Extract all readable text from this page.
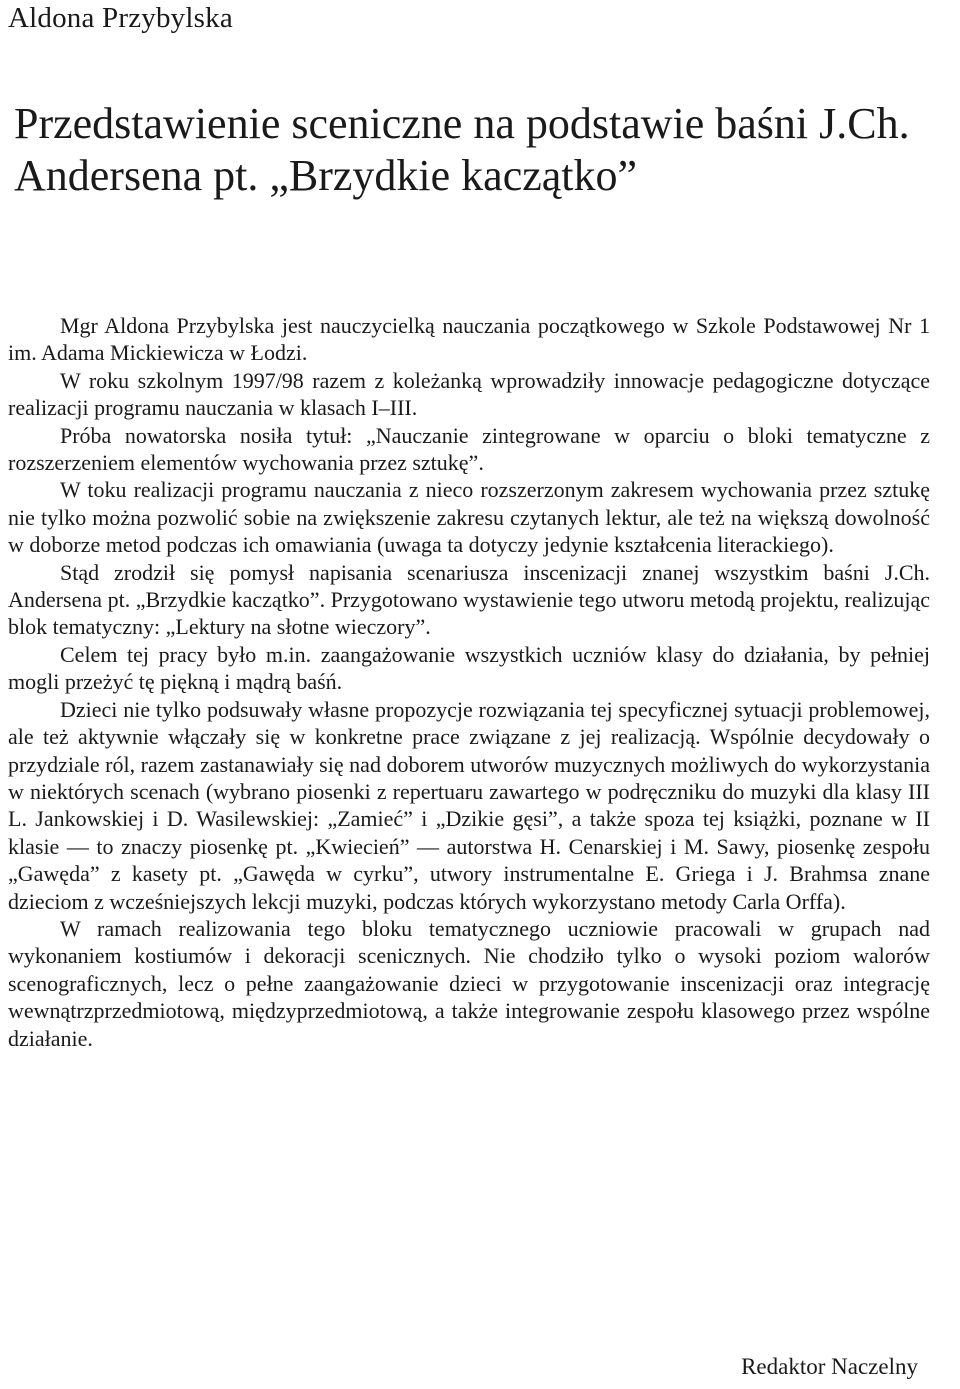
Aldona Przybylska
Przedstawienie sceniczne na podstawie baśni J.Ch. Andersena pt. „Brzydkie kaczątko”

Mgr Aldona Przybylska jest nauczycielką nauczania początkowego w Szkole Podstawowej Nr 1 im. Adama Mickiewicza w Łodzi.

W roku szkolnym 1997/98 razem z koleżanką wprowadziły innowacje pedagogiczne dotyczące realizacji programu nauczania w klasach I–III.

Próba nowatorska nosiła tytuł: „Nauczanie zintegrowane w oparciu o bloki tematyczne z rozszerzeniem elementów wychowania przez sztukę”.

W toku realizacji programu nauczania z nieco rozszerzonym zakresem wychowania przez sztukę nie tylko można pozwolić sobie na zwiększenie zakresu czytanych lektur, ale też na większą dowolność w doborze metod podczas ich omawiania (uwaga ta dotyczy jedynie kształcenia literackiego).

Stąd zrodził się pomysł napisania scenariusza inscenizacji znanej wszystkim baśni J.Ch. Andersena pt. „Brzydkie kaczątko”. Przygotowano wystawienie tego utworu metodą projektu, realizując blok tematyczny: „Lektury na słotne wieczory”.

Celem tej pracy było m.in. zaangażowanie wszystkich uczniów klasy do działania, by pełniej mogli przeżyć tę piękną i mądrą baśń.

Dzieci nie tylko podsuwały własne propozycje rozwiązania tej specyficznej sytuacji problemowej, ale też aktywnie włączały się w konkretne prace związane z jej realizacją. Wspólnie decydowały o przydziale ról, razem zastanawiały się nad doborem utworów muzycznych możliwych do wykorzystania w niektórych scenach (wybrano piosenki z repertuaru zawartego w podręczniku do muzyki dla klasy III L. Jankowskiej i D. Wasilewskiej: „Zamieć” i „Dzikie gęsi”, a także spoza tej książki, poznane w II klasie — to znaczy piosenkę pt. „Kwiecień” — autorstwa H. Cenarskiej i M. Sawy, piosenkę zespołu „Gawęda” z kasety pt. „Gawęda w cyrku”, utwory instrumentalne E. Griega i J. Brahmsa znane dzieciom z wcześniejszych lekcji muzyki, podczas których wykorzystano metody Carla Orffa).

W ramach realizowania tego bloku tematycznego uczniowie pracowali w grupach nad wykonaniem kostiumów i dekoracji scenicznych. Nie chodziło tylko o wysoki poziom walorów scenograficznych, lecz o pełne zaangażowanie dzieci w przygotowanie inscenizacji oraz integrację wewnątrzprzedmiotową, międzyprzedmiotową, a także integrowanie zespołu klasowego przez wspólne działanie.

Redaktor Naczelny
